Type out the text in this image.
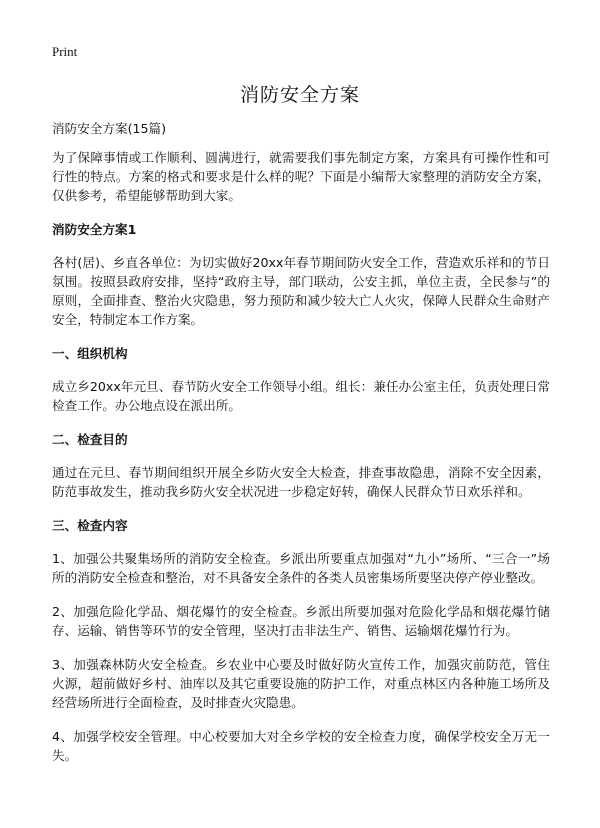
Print
消防安全方案

消防安全方案(15篇)

为了保障事情或工作顺利、圆满进行，就需要我们事先制定方案，方案具有可操作性和可行性的特点。方案的格式和要求是什么样的呢？下面是小编帮大家整理的消防安全方案，仅供参考，希望能够帮助到大家。

消防安全方案1

各村(居)、乡直各单位：为切实做好20xx年春节期间防火安全工作，营造欢乐祥和的节日氛围。按照县政府安排，坚持“政府主导，部门联动，公安主抓，单位主责，全民参与”的原则，全面排查、整治火灾隐患，努力预防和减少较大亡人火灾，保障人民群众生命财产安全，特制定本工作方案。

一、组织机构

成立乡20xx年元旦、春节防火安全工作领导小组。组长：兼任办公室主任，负责处理日常检查工作。办公地点设在派出所。

二、检查目的

通过在元旦、春节期间组织开展全乡防火安全大检查，排查事故隐患，消除不安全因素，防范事故发生，推动我乡防火安全状况进一步稳定好转，确保人民群众节日欢乐祥和。

三、检查内容

1、加强公共聚集场所的消防安全检查。乡派出所要重点加强对“九小”场所、“三合一”场所的消防安全检查和整治，对不具备安全条件的各类人员密集场所要坚决停产停业整改。

2、加强危险化学品、烟花爆竹的安全检查。乡派出所要加强对危险化学品和烟花爆竹储存、运输、销售等环节的安全管理，坚决打击非法生产、销售、运输烟花爆竹行为。

3、加强森林防火安全检查。乡农业中心要及时做好防火宣传工作，加强灾前防范，管住火源，超前做好乡村、油库以及其它重要设施的防护工作，对重点林区内各种施工场所及经营场所进行全面检查，及时排查火灾隐患。

4、加强学校安全管理。中心校要加大对全乡学校的安全检查力度，确保学校安全万无一失。
